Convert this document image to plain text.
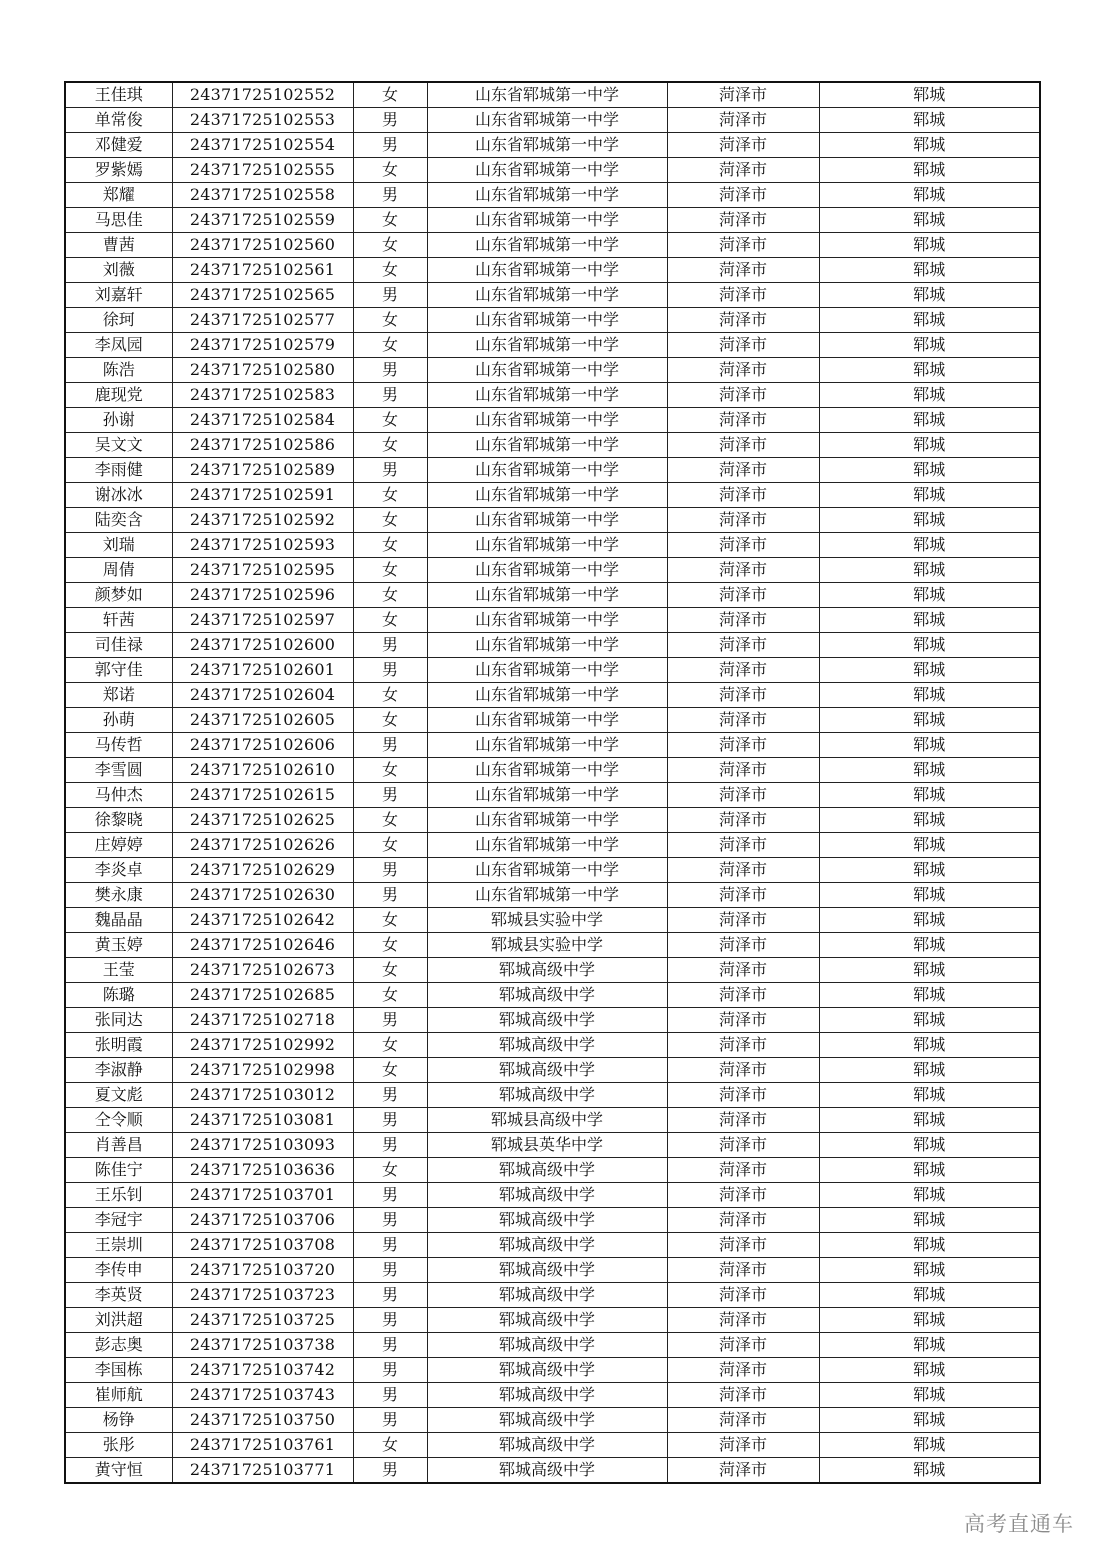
王佳琪	24371725102552	女	山东省郓城第一中学	菏泽市	郓城
单常俊	24371725102553	男	山东省郓城第一中学	菏泽市	郓城
邓健爱	24371725102554	男	山东省郓城第一中学	菏泽市	郓城
罗紫嫣	24371725102555	女	山东省郓城第一中学	菏泽市	郓城
郑耀	24371725102558	男	山东省郓城第一中学	菏泽市	郓城
马思佳	24371725102559	女	山东省郓城第一中学	菏泽市	郓城
曹茜	24371725102560	女	山东省郓城第一中学	菏泽市	郓城
刘薇	24371725102561	女	山东省郓城第一中学	菏泽市	郓城
刘嘉轩	24371725102565	男	山东省郓城第一中学	菏泽市	郓城
徐珂	24371725102577	女	山东省郓城第一中学	菏泽市	郓城
李凤园	24371725102579	女	山东省郓城第一中学	菏泽市	郓城
陈浩	24371725102580	男	山东省郓城第一中学	菏泽市	郓城
鹿现党	24371725102583	男	山东省郓城第一中学	菏泽市	郓城
孙谢	24371725102584	女	山东省郓城第一中学	菏泽市	郓城
吴文文	24371725102586	女	山东省郓城第一中学	菏泽市	郓城
李雨健	24371725102589	男	山东省郓城第一中学	菏泽市	郓城
谢冰冰	24371725102591	女	山东省郓城第一中学	菏泽市	郓城
陆奕含	24371725102592	女	山东省郓城第一中学	菏泽市	郓城
刘瑞	24371725102593	女	山东省郓城第一中学	菏泽市	郓城
周倩	24371725102595	女	山东省郓城第一中学	菏泽市	郓城
颜梦如	24371725102596	女	山东省郓城第一中学	菏泽市	郓城
轩茜	24371725102597	女	山东省郓城第一中学	菏泽市	郓城
司佳禄	24371725102600	男	山东省郓城第一中学	菏泽市	郓城
郭守佳	24371725102601	男	山东省郓城第一中学	菏泽市	郓城
郑诺	24371725102604	女	山东省郓城第一中学	菏泽市	郓城
孙萌	24371725102605	女	山东省郓城第一中学	菏泽市	郓城
马传哲	24371725102606	男	山东省郓城第一中学	菏泽市	郓城
李雪圆	24371725102610	女	山东省郓城第一中学	菏泽市	郓城
马仲杰	24371725102615	男	山东省郓城第一中学	菏泽市	郓城
徐黎晓	24371725102625	女	山东省郓城第一中学	菏泽市	郓城
庄婷婷	24371725102626	女	山东省郓城第一中学	菏泽市	郓城
李炎卓	24371725102629	男	山东省郓城第一中学	菏泽市	郓城
樊永康	24371725102630	男	山东省郓城第一中学	菏泽市	郓城
魏晶晶	24371725102642	女	郓城县实验中学	菏泽市	郓城
黄玉婷	24371725102646	女	郓城县实验中学	菏泽市	郓城
王莹	24371725102673	女	郓城高级中学	菏泽市	郓城
陈璐	24371725102685	女	郓城高级中学	菏泽市	郓城
张同达	24371725102718	男	郓城高级中学	菏泽市	郓城
张明霞	24371725102992	女	郓城高级中学	菏泽市	郓城
李淑静	24371725102998	女	郓城高级中学	菏泽市	郓城
夏文彪	24371725103012	男	郓城高级中学	菏泽市	郓城
仝令顺	24371725103081	男	郓城县高级中学	菏泽市	郓城
肖善昌	24371725103093	男	郓城县英华中学	菏泽市	郓城
陈佳宁	24371725103636	女	郓城高级中学	菏泽市	郓城
王乐钊	24371725103701	男	郓城高级中学	菏泽市	郓城
李冠宇	24371725103706	男	郓城高级中学	菏泽市	郓城
王崇圳	24371725103708	男	郓城高级中学	菏泽市	郓城
李传申	24371725103720	男	郓城高级中学	菏泽市	郓城
李英贤	24371725103723	男	郓城高级中学	菏泽市	郓城
刘洪超	24371725103725	男	郓城高级中学	菏泽市	郓城
彭志奥	24371725103738	男	郓城高级中学	菏泽市	郓城
李国栋	24371725103742	男	郓城高级中学	菏泽市	郓城
崔师航	24371725103743	男	郓城高级中学	菏泽市	郓城
杨铮	24371725103750	男	郓城高级中学	菏泽市	郓城
张彤	24371725103761	女	郓城高级中学	菏泽市	郓城
黄守恒	24371725103771	男	郓城高级中学	菏泽市	郓城
高考直通车
